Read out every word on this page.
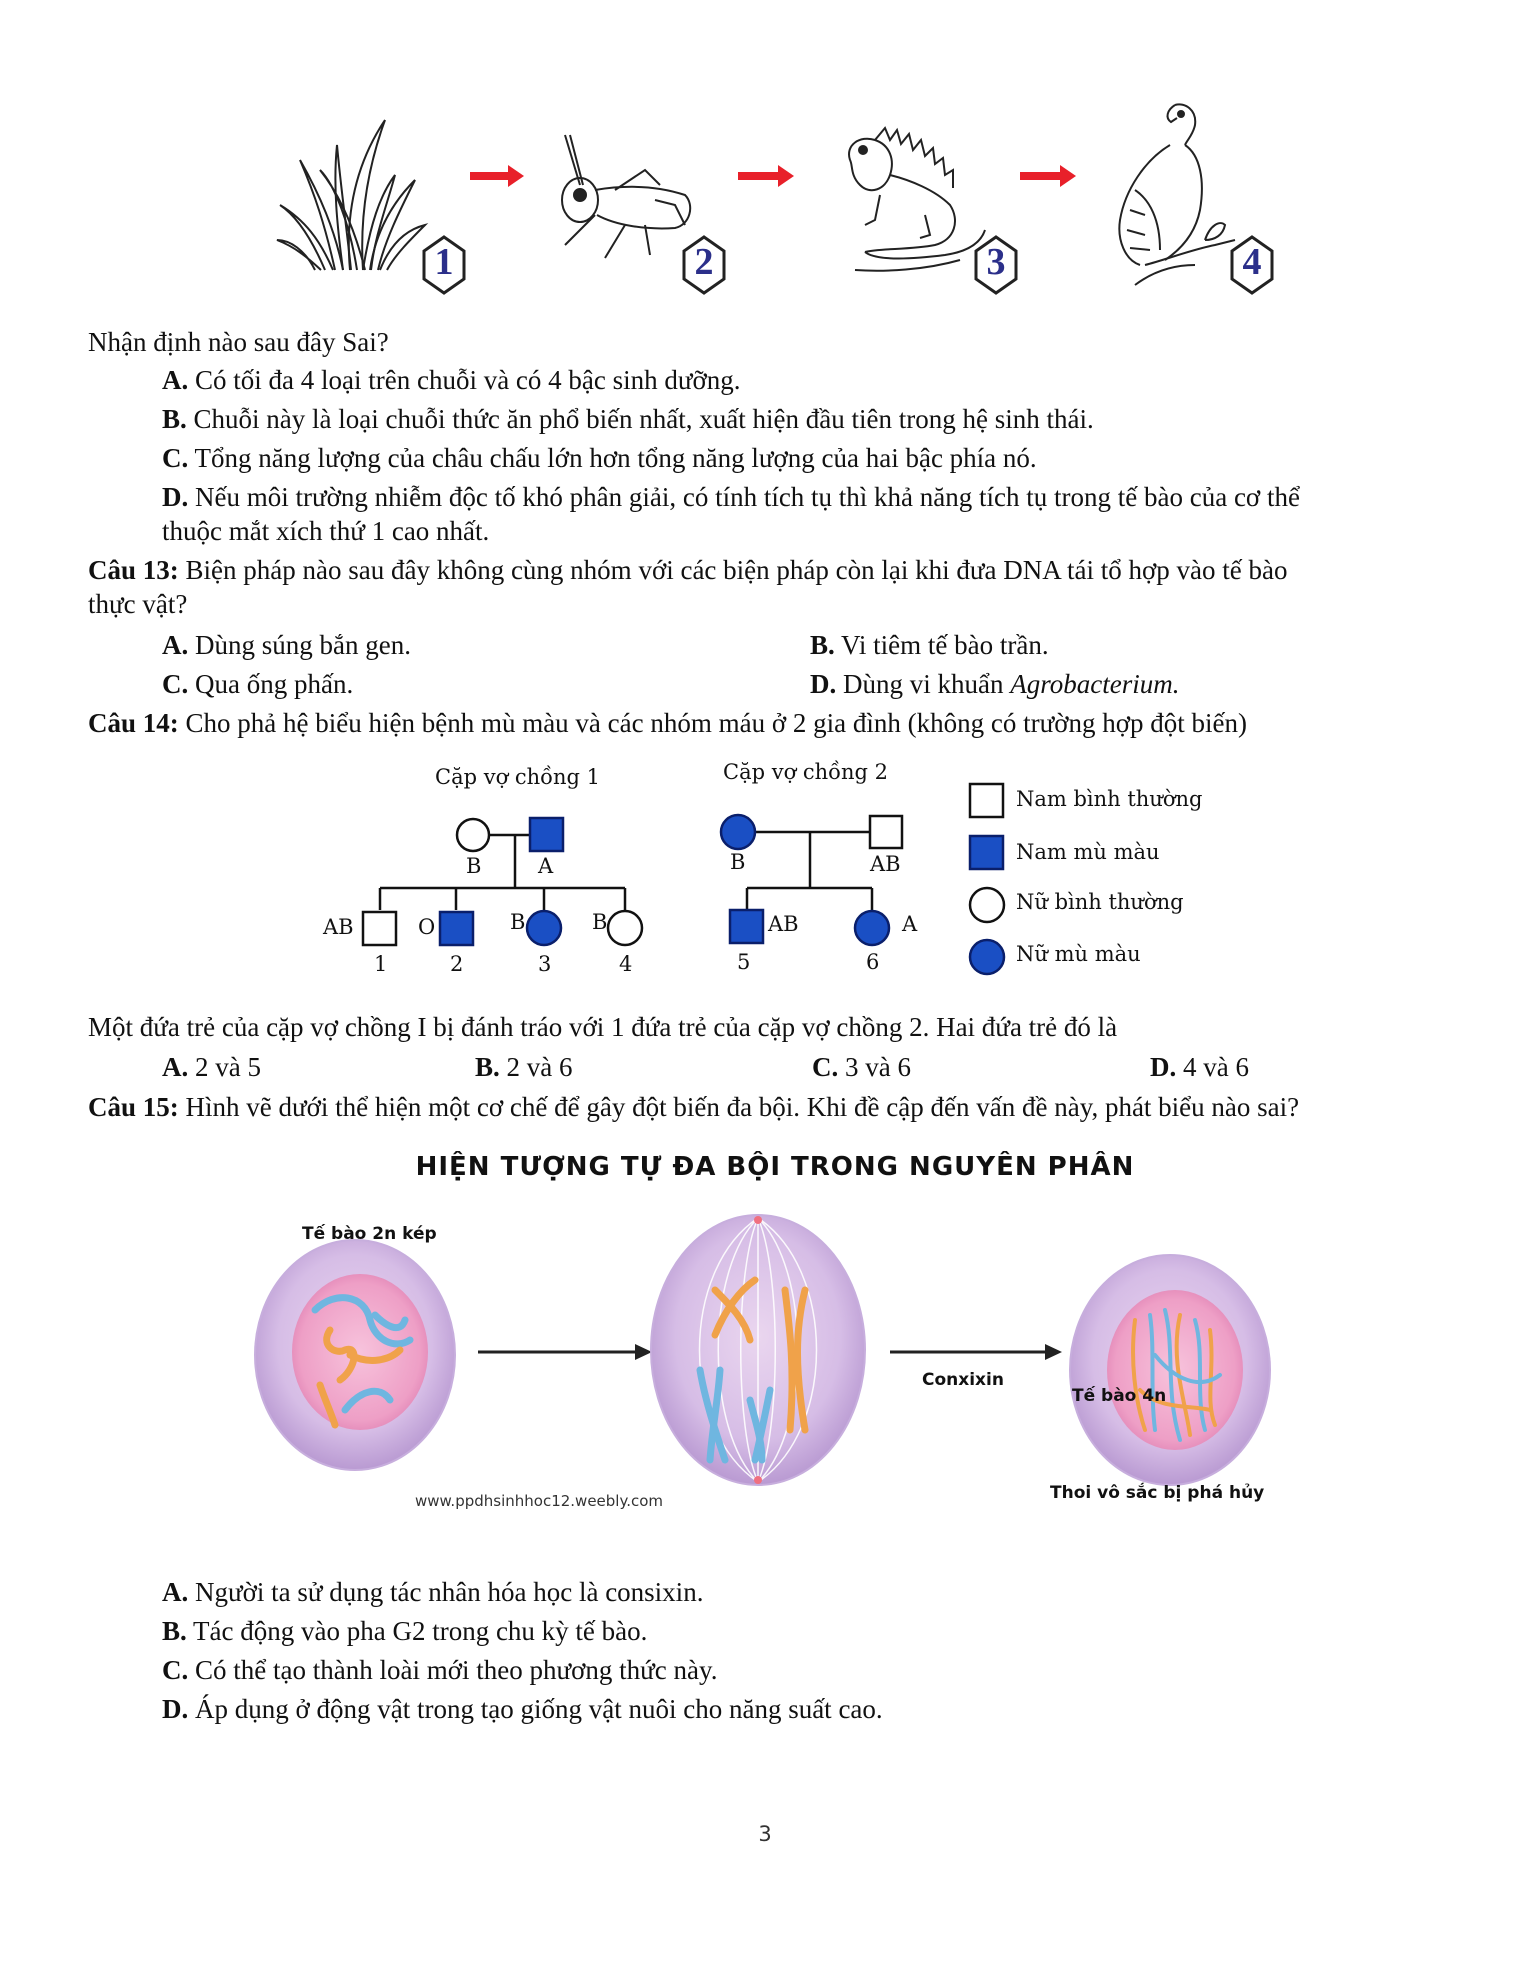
1	2	3	4
Nhận định nào sau đây Sai?
A. Có tối đa 4 loại trên chuỗi và có 4 bậc sinh dưỡng.
B. Chuỗi này là loại chuỗi thức ăn phổ biến nhất, xuất hiện đầu tiên trong hệ sinh thái.
C. Tổng năng lượng của châu chấu lớn hơn tổng năng lượng của hai bậc phía nó.
D. Nếu môi trường nhiễm độc tố khó phân giải, có tính tích tụ thì khả năng tích tụ trong tế bào của cơ thể
thuộc mắt xích thứ 1 cao nhất.
Câu 13: Biện pháp nào sau đây không cùng nhóm với các biện pháp còn lại khi đưa DNA tái tổ hợp vào tế bào
thực vật?
A. Dùng súng bắn gen.	B. Vi tiêm tế bào trần.
C. Qua ống phấn.	D. Dùng vi khuẩn Agrobacterium.
Câu 14: Cho phả hệ biểu hiện bệnh mù màu và các nhóm máu ở 2 gia đình (không có trường hợp đột biến)
Cặp vợ chồng 1	Cặp vợ chồng 2
B	A	B	AB
AB	O	B	B	AB	A
1	2	3	4	5	6
Nam bình thường
Nam mù màu
Nữ bình thường
Nữ mù màu
Một đứa trẻ của cặp vợ chồng I bị đánh tráo với 1 đứa trẻ của cặp vợ chồng 2. Hai đứa trẻ đó là
A. 2 và 5	B. 2 và 6	C. 3 và 6	D. 4 và 6
Câu 15: Hình vẽ dưới thể hiện một cơ chế để gây đột biến đa bội. Khi đề cập đến vấn đề này, phát biểu nào sai?
HIỆN TƯỢNG TỰ ĐA BỘI TRONG NGUYÊN PHÂN
Tế bào 2n kép
Conxixin
Tế bào 4n
Thoi vô sắc bị phá hủy
www.ppdhsinhhoc12.weebly.com
A. Người ta sử dụng tác nhân hóa học là consixin.
B. Tác động vào pha G2 trong chu kỳ tế bào.
C. Có thể tạo thành loài mới theo phương thức này.
D. Áp dụng ở động vật trong tạo giống vật nuôi cho năng suất cao.
3
